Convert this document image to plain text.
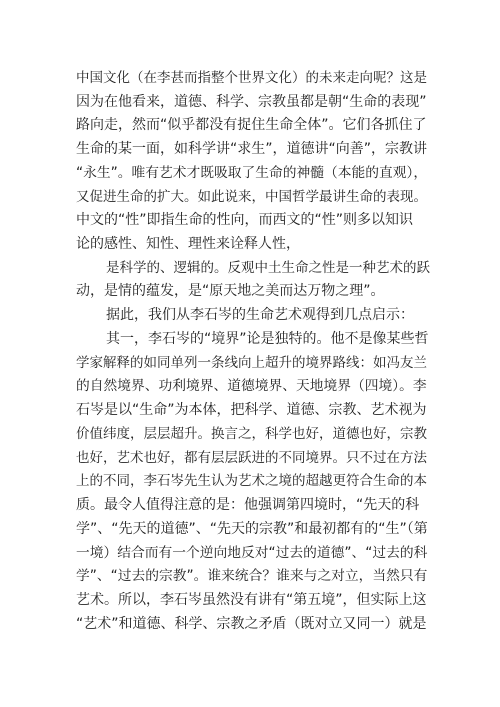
中国文化（在李甚而指整个世界文化）的未来走向呢？这是
因为在他看来，道德、科学、宗教虽都是朝“生命的表现”
路向走，然而“似乎都没有捉住生命全体”。它们各抓住了
生命的某一面，如科学讲“求生”，道德讲“向善”，宗教讲
“永生”。唯有艺术才既吸取了生命的神髓（本能的直观），
又促进生命的扩大。如此说来，中国哲学最讲生命的表现。
中文的“性”即指生命的性向，而西文的“性”则多以知识
论的感性、知性、理性来诠释人性，
是科学的、逻辑的。反观中土生命之性是一种艺术的跃
动，是情的蕴发，是“原天地之美而达万物之理”。
据此，我们从李石岑的生命艺术观得到几点启示：
其一，李石岑的“境界”论是独特的。他不是像某些哲
学家解释的如同单列一条线向上超升的境界路线：如冯友兰
的自然境界、功利境界、道德境界、天地境界（四境）。李
石岑是以“生命”为本体，把科学、道德、宗教、艺术视为
价值纬度，层层超升。换言之，科学也好，道德也好，宗教
也好，艺术也好，都有层层跃进的不同境界。只不过在方法
上的不同，李石岑先生认为艺术之境的超越更符合生命的本
质。最令人值得注意的是：他强调第四境时，“先天的科
学”、“先天的道德”、“先天的宗教”和最初都有的“生”（第
一境）结合而有一个逆向地反对“过去的道德”、“过去的科
学”、“过去的宗教”。谁来统合？谁来与之对立，当然只有
艺术。所以，李石岑虽然没有讲有“第五境”，但实际上这
“艺术”和道德、科学、宗教之矛盾（既对立又同一）就是
